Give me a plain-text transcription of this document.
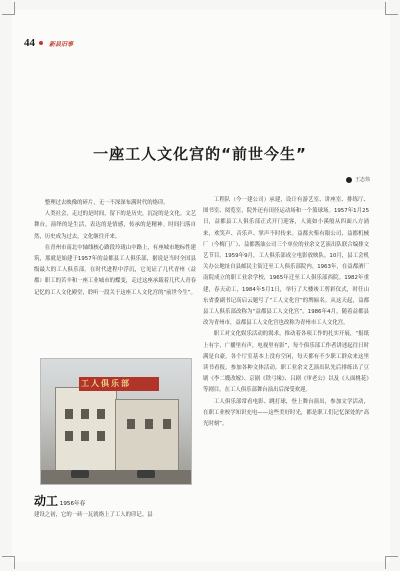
44 新县旧事
一座工人文化宫的“前世今生”
王志伟

整理过去映像的碎片，无一不深深布满时代的烙印。

人类社会，走过的是时间，留下的是历史，沉淀的是文化。文艺舞台，演绎的是生活，表达的是情感，传承的是精神。时间扫落自然，历史成为过去，文化继往开来。

在青州市南北中轴线核心路段玲珑山中路上，有座城市地标性建筑，那就是始建于1957年的益都县工人俱乐部，据说是当时全国县级最大的工人俱乐部。在时代进程中浮沉，它见证了几代青州（益都）职工的苦辛和一座工业城市的蝶变，走过这座承载着几代人青春记忆的工人文化殿堂，聆听一段关于这座工人文化宫的“前世今生”。

工人俱乐部
动工 1956年春
建设之初，它的一砖一瓦就烙上了工人的印记。县

工程队（今一建公司）承建，设计有游艺室、讲座室、排练厅、图书室、阅览室，院外还有田径运动场和一个篮球场。1957年1月25日，益都县工人俱乐部正式开门迎客，人流如小溪般从四面八方涌来，欢笑声、音乐声、掌声不时传来。益都火柴有限公司、益都机械厂（今梅门厂）、益都酱油公司三个单位的业余文艺演出队联合编排文艺节目。1959年9月，工人俱乐部成立电影放映队。10月，县工会机关办公地址自县邮民主街迁至工人俱乐部院内。1963年，在益都酒厂南院成立的职工业余学校，1965年迁至工人俱乐部西院。1982年重建，春天动工，1984年5月1日，举行了大楼竣工剪彩仪式，时任山东省委副书记高启云题写了“工人文化宫”的牌匾名。从这天起，益都县工人俱乐部改称为“益都县工人文化宫”。1986年4月，随着益都县改为青州市，益都县工人文化宫也改称为青州市工人文化宫。

职工对文化娱乐活动的渴求，推动着各项工作的扎实开展，“报纸上有字，广播里有声，电视里有影”，每个俱乐部工作者讲述起往日时满是自豪。各个厅室基本上没有空闲，每天都有不少职工群众来这里读书看报，参加各种文体活动。职工业余文艺演出队先后排练出了豆剧《李二嫂改嫁》、京剧《铁弓缘》、吕剧《审老公》以及《人面桃花》等剧目，在工人俱乐部舞台演出后深受欢迎。

工人俱乐部常看电影、跳打球，登上舞台演出，参加文学活动，在职工业校学知识充电——这些美好时光，都是职工们记忆深处的“高光时刻”。
